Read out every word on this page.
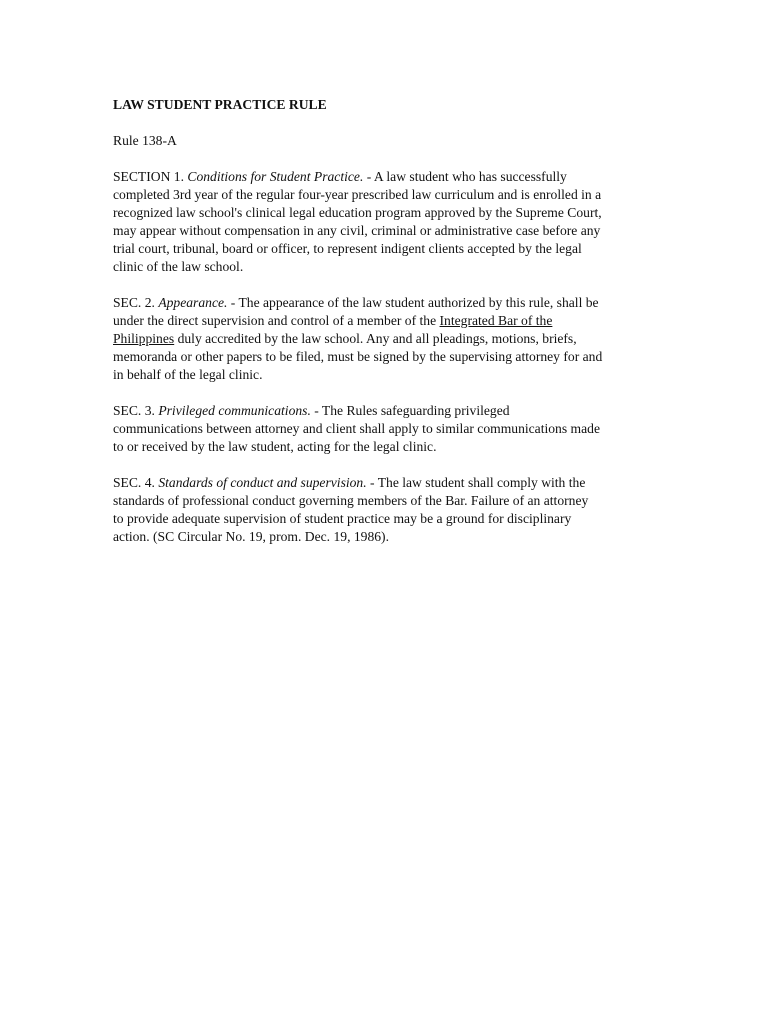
LAW STUDENT PRACTICE RULE
Rule 138-A
SECTION 1. Conditions for Student Practice. - A law student who has successfully
completed 3rd year of the regular four-year prescribed law curriculum and is enrolled in a
recognized law school's clinical legal education program approved by the Supreme Court,
may appear without compensation in any civil, criminal or administrative case before any
trial court, tribunal, board or officer, to represent indigent clients accepted by the legal
clinic of the law school.
SEC. 2. Appearance. - The appearance of the law student authorized by this rule, shall be
under the direct supervision and control of a member of the Integrated Bar of the
Philippines duly accredited by the law school. Any and all pleadings, motions, briefs,
memoranda or other papers to be filed, must be signed by the supervising attorney for and
in behalf of the legal clinic.
SEC. 3. Privileged communications. - The Rules safeguarding privileged
communications between attorney and client shall apply to similar communications made
to or received by the law student, acting for the legal clinic.
SEC. 4. Standards of conduct and supervision. - The law student shall comply with the
standards of professional conduct governing members of the Bar. Failure of an attorney
to provide adequate supervision of student practice may be a ground for disciplinary
action. (SC Circular No. 19, prom. Dec. 19, 1986).
